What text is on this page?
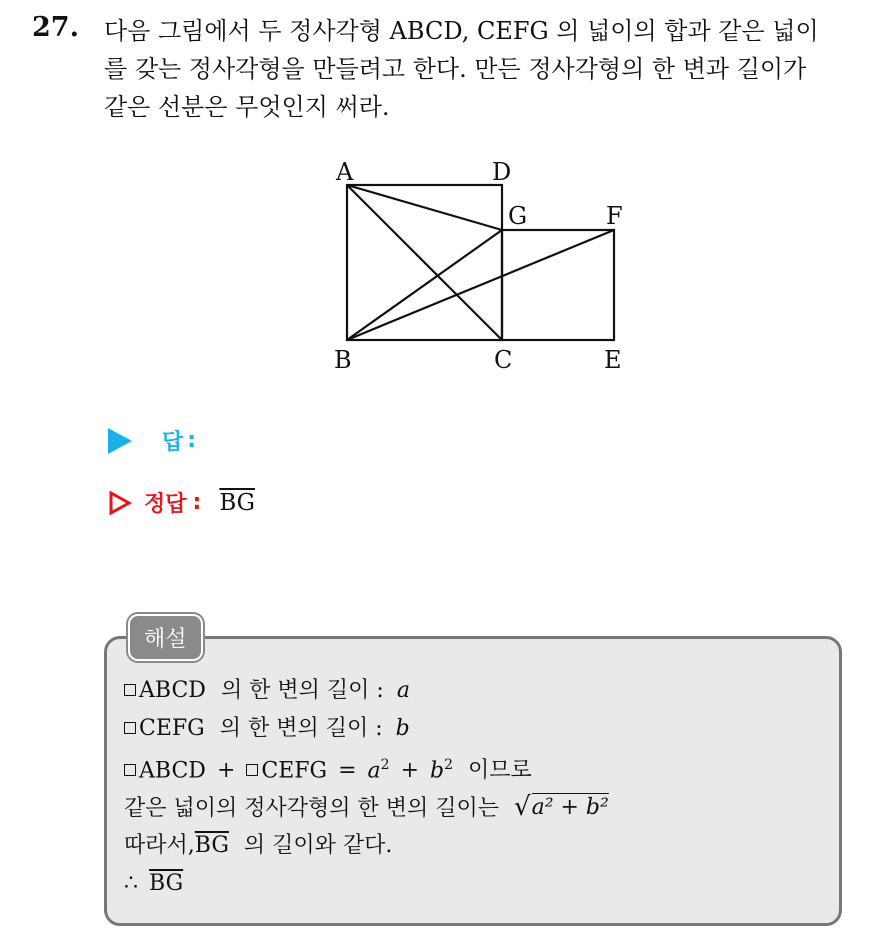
27. 다음 그림에서 두 정사각형 ABCD, CEFG 의 넓이의 합과 같은 넓이
를 갖는 정사각형을 만들려고 한다. 만든 정사각형의 한 변과 길이가
같은 선분은 무엇인지 써라.
A	D
G	F
B	C	E
답 :
정답 : $\overline{BG}$
해설
ABCD 의 한 변의 길이 : a
CEFG 의 한 변의 길이 : b
ABCD + CEFG = $a^2 + b^2$ 이므로
같은 넓이의 정사각형의 한 변의 길이는 √ a² + b²
따라서$,\overline{BG}$ 의 길이와 같다.
∴ $\overline{BG}$
